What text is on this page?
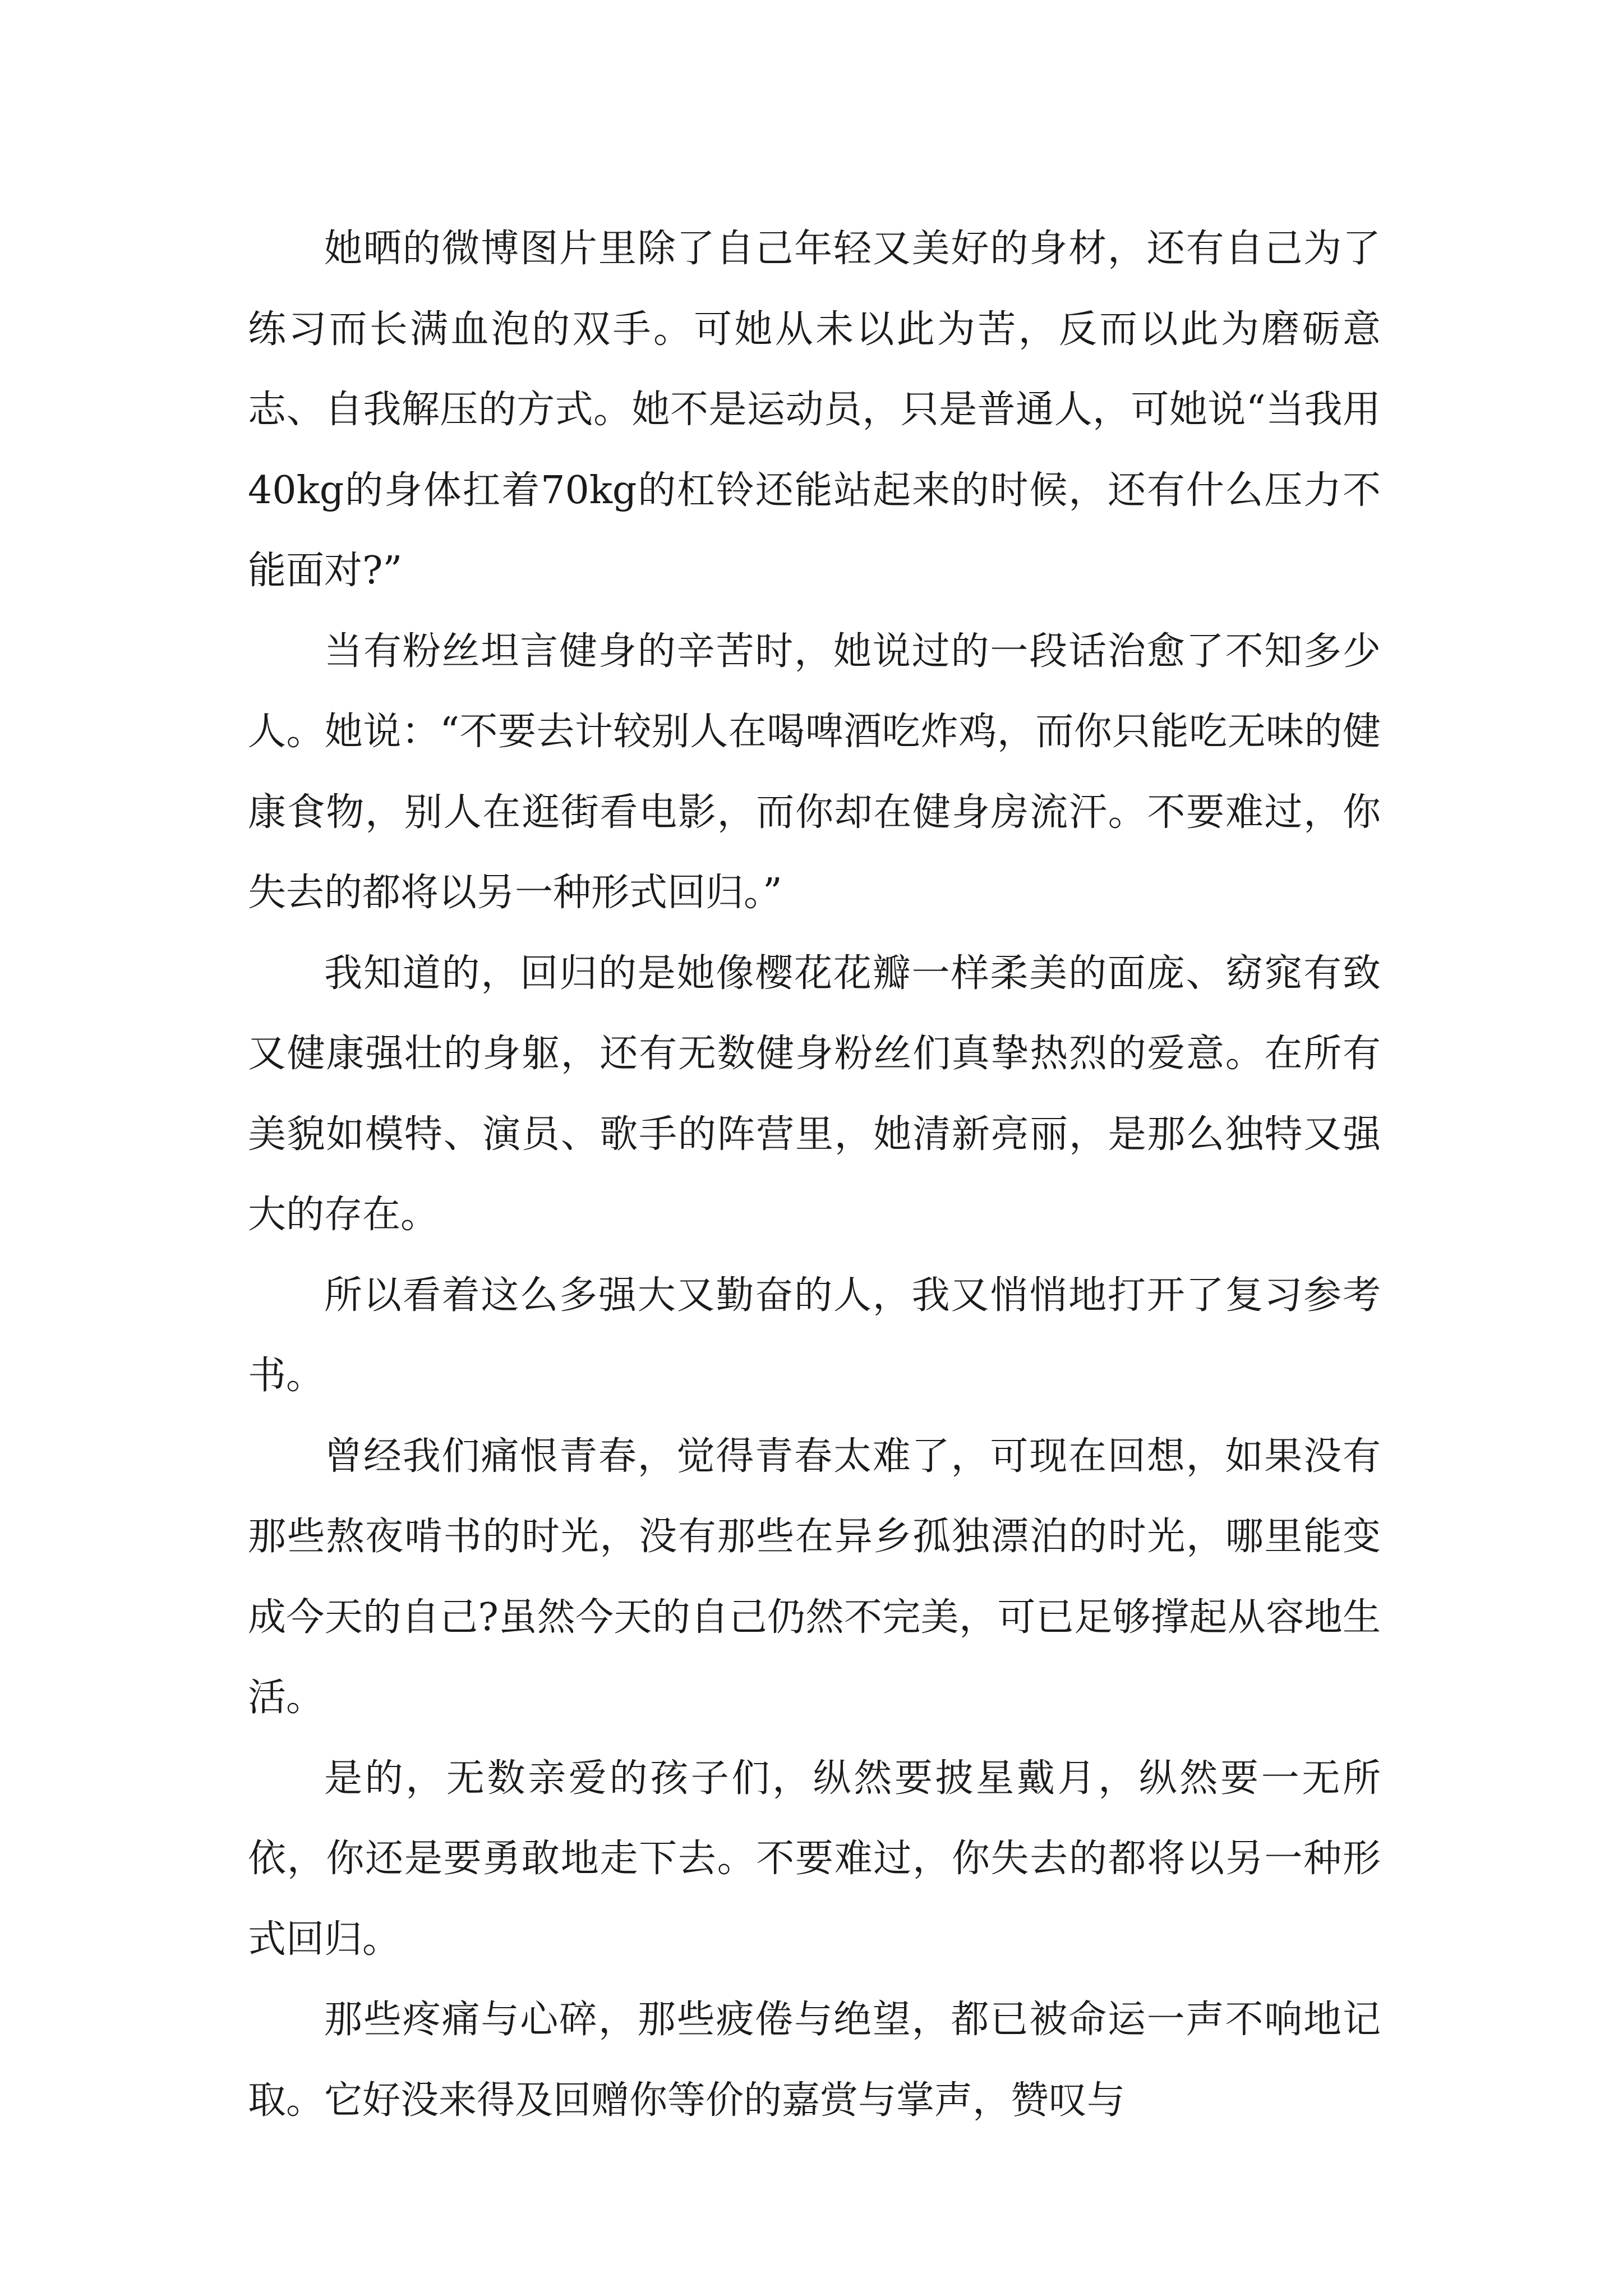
她晒的微博图片里除了自己年轻又美好的身材，还有自己为了练习而长满血泡的双手。可她从未以此为苦，反而以此为磨砺意志、自我解压的方式。她不是运动员，只是普通人，可她说“当我用40kg的身体扛着70kg的杠铃还能站起来的时候，还有什么压力不能面对?”

当有粉丝坦言健身的辛苦时，她说过的一段话治愈了不知多少人。她说：“不要去计较别人在喝啤酒吃炸鸡，而你只能吃无味的健康食物，别人在逛街看电影，而你却在健身房流汗。不要难过，你失去的都将以另一种形式回归。”

我知道的，回归的是她像樱花花瓣一样柔美的面庞、窈窕有致又健康强壮的身躯，还有无数健身粉丝们真挚热烈的爱意。在所有美貌如模特、演员、歌手的阵营里，她清新亮丽，是那么独特又强大的存在。

所以看着这么多强大又勤奋的人，我又悄悄地打开了复习参考书。

曾经我们痛恨青春，觉得青春太难了，可现在回想，如果没有那些熬夜啃书的时光，没有那些在异乡孤独漂泊的时光，哪里能变成今天的自己?虽然今天的自己仍然不完美，可已足够撑起从容地生活。

是的，无数亲爱的孩子们，纵然要披星戴月，纵然要一无所依，你还是要勇敢地走下去。不要难过，你失去的都将以另一种形式回归。

那些疼痛与心碎，那些疲倦与绝望，都已被命运一声不响地记取。它好没来得及回赠你等价的嘉赏与掌声，赞叹与
